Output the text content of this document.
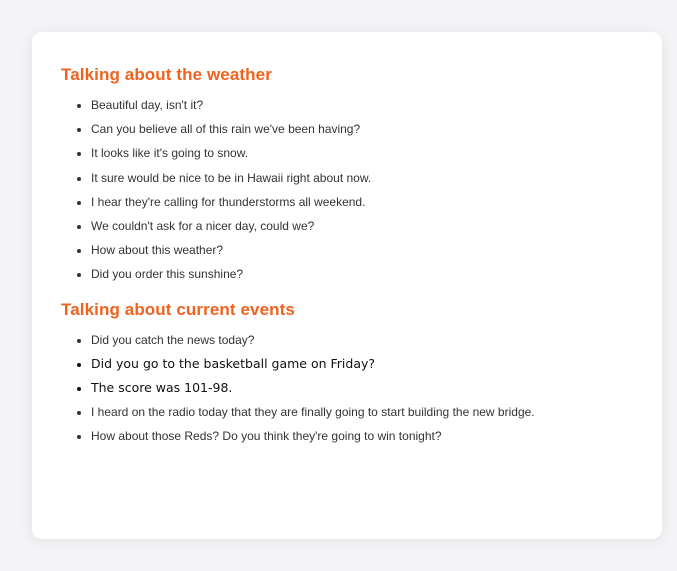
Talking about the weather
Beautiful day, isn't it?
Can you believe all of this rain we've been having?
It looks like it's going to snow.
It sure would be nice to be in Hawaii right about now.
I hear they're calling for thunderstorms all weekend.
We couldn't ask for a nicer day, could we?
How about this weather?
Did you order this sunshine?
Talking about current events
Did you catch the news today?
Did you go to the basketball game on Friday?
The score was 101-98.
I heard on the radio today that they are finally going to start building the new bridge.
How about those Reds? Do you think they're going to win tonight?
